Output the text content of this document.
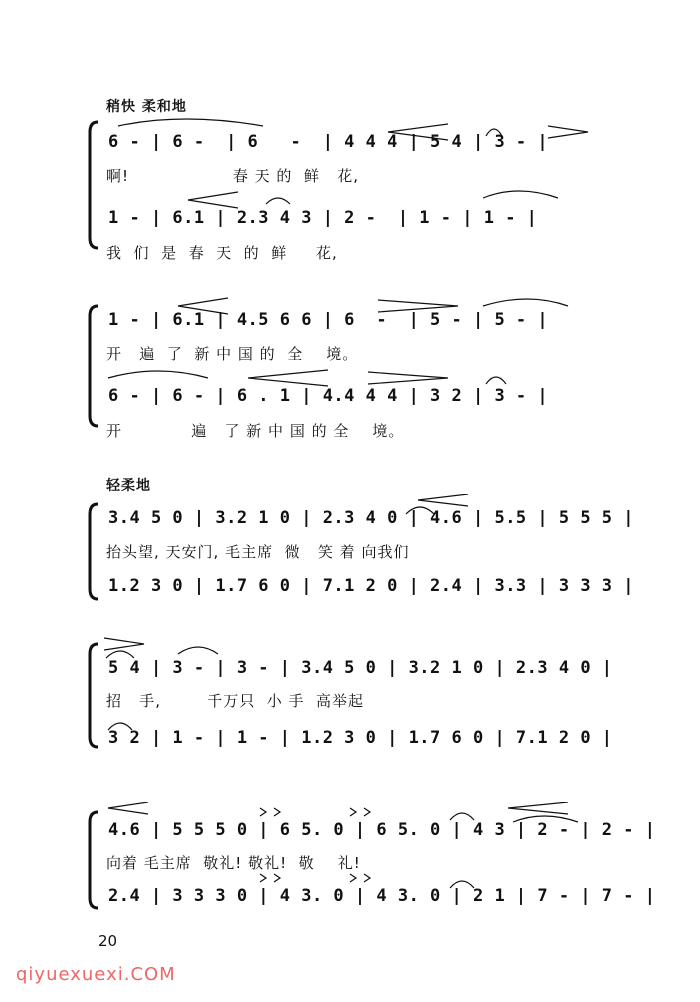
稍快 柔和地
轻柔地
6 - | 6 -  | 6   -  | 4 4 4 | 5 4 | 3 - |
啊!                  春 天 的  鲜   花,
1 - | 6.1 | 2.3 4 3 | 2 -  | 1 - | 1 - |
我  们  是  春  天  的  鲜     花,
1 - | 6.1 | 4.5 6 6 | 6  -  | 5 - | 5 - |
开   遍  了  新 中 国 的  全    境。
6 - | 6 - | 6 . 1 | 4.4 4 4 | 3 2 | 3 - |
开            遍   了 新 中 国 的 全    境。
3.4 5 0 | 3.2 1 0 | 2.3 4 0 | 4.6 | 5.5 | 5 5 5 |
抬头望, 天安门, 毛主席  微   笑 着 向我们
1.2 3 0 | 1.7 6 0 | 7.1 2 0 | 2.4 | 3.3 | 3 3 3 |
5 4 | 3 - | 3 - | 3.4 5 0 | 3.2 1 0 | 2.3 4 0 |
招   手,        千万只  小 手  高举起
3 2 | 1 - | 1 - | 1.2 3 0 | 1.7 6 0 | 7.1 2 0 |
4.6 | 5 5 5 0 | 6 5. 0 | 6 5. 0 | 4 3 | 2 - | 2 - |
向着 毛主席  敬礼! 敬礼!  敬    礼!
2.4 | 3 3 3 0 | 4 3. 0 | 4 3. 0 | 2 1 | 7 - | 7 - |
20
qiyuexuexi.COM
